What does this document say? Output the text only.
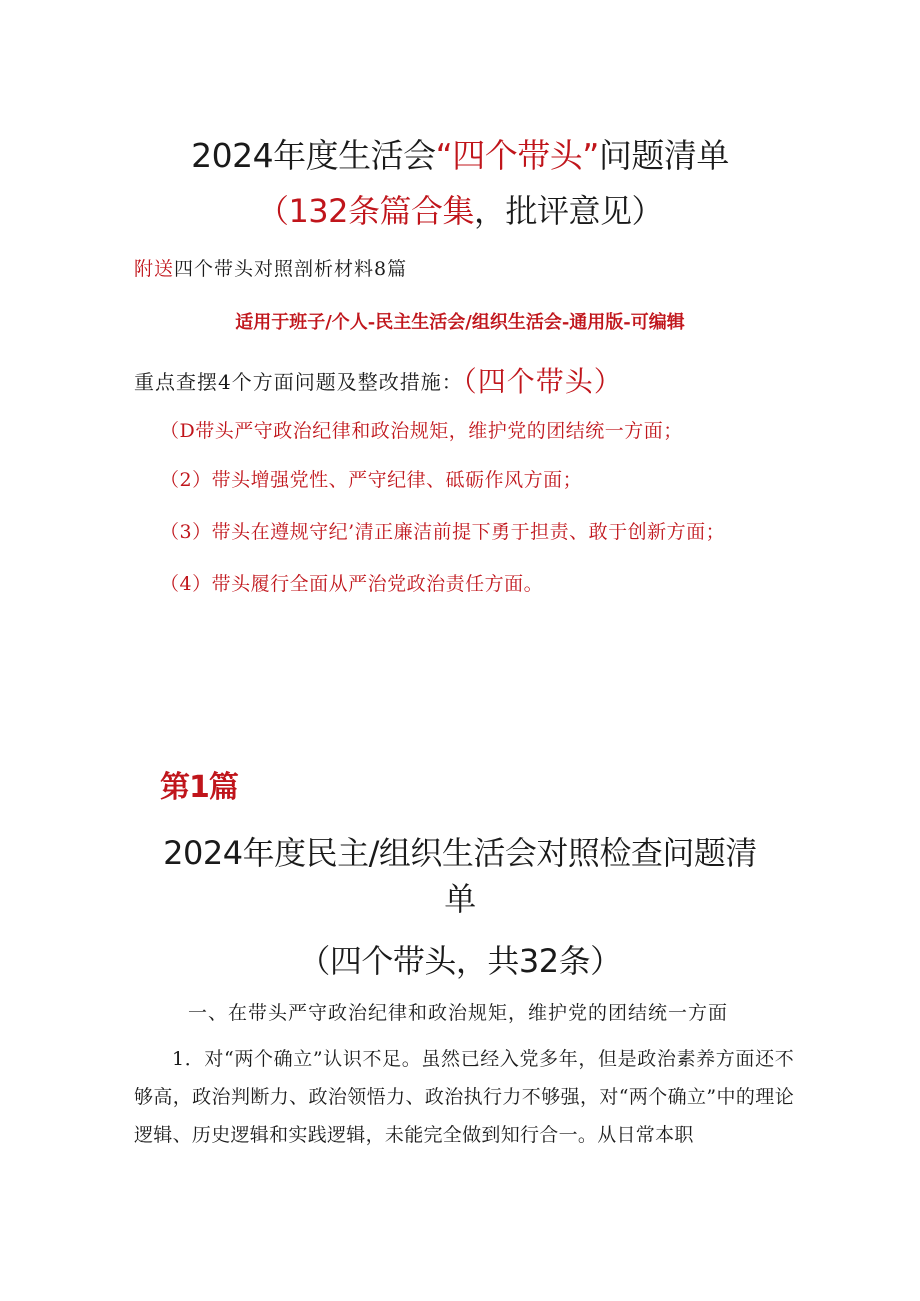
2024年度生活会“四个带头”问题清单
（132条篇合集，批评意见）
附送四个带头对照剖析材料8篇
适用于班子/个人-民主生活会/组织生活会-通用版-可编辑
重点查摆4个方面问题及整改措施：（四个带头）
（D带头严守政治纪律和政治规矩，维护党的团结统一方面；
（2）带头增强党性、严守纪律、砥砺作风方面；
（3）带头在遵规守纪’清正廉洁前提下勇于担责、敢于创新方面；
（4）带头履行全面从严治党政治责任方面。
第1篇
2024年度民主/组织生活会对照检查问题清单
（四个带头，共32条）
一、在带头严守政治纪律和政治规矩，维护党的团结统一方面
1．对“两个确立”认识不足。虽然已经入党多年，但是政治素养方面还不够高，政治判断力、政治领悟力、政治执行力不够强，对“两个确立”中的理论逻辑、历史逻辑和实践逻辑，未能完全做到知行合一。从日常本职
